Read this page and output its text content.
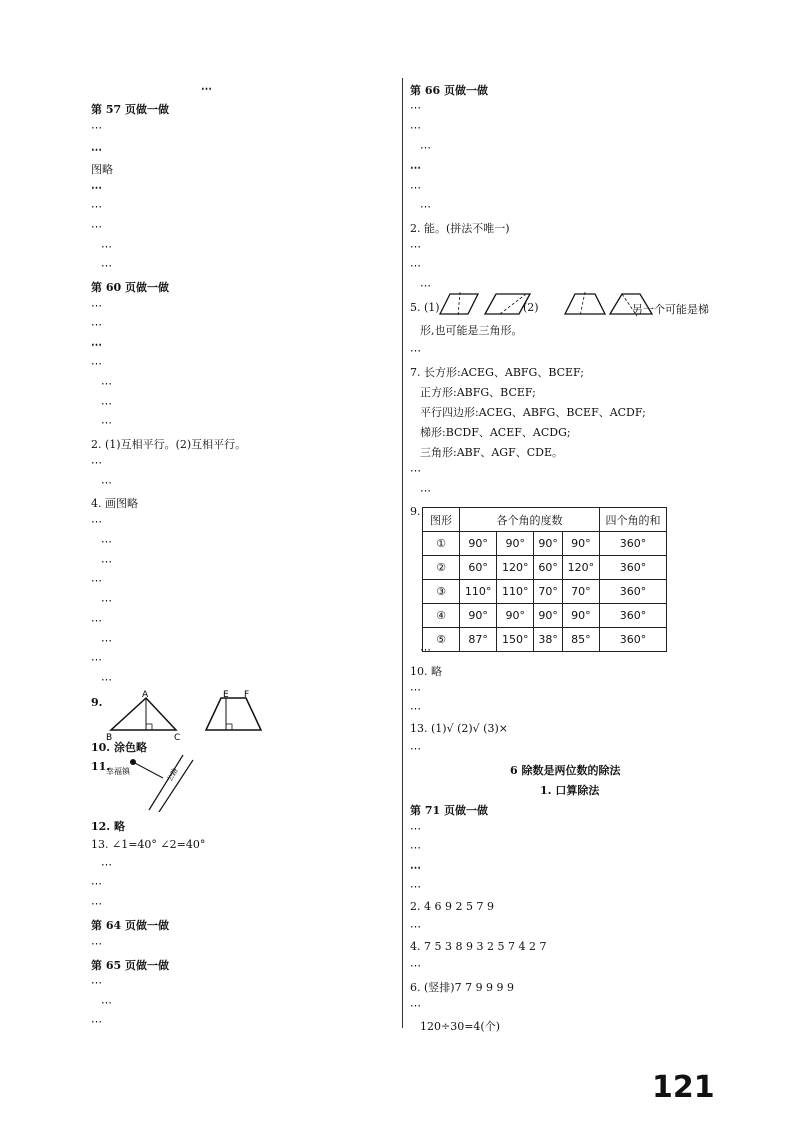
⋯
第 57 页做一做
⋯
⋯
图略
⋯
⋯
⋯
⋯
⋯
第 60 页做一做
⋯
⋯
⋯
⋯
⋯
⋯
⋯
2. (1)互相平行。(2)互相平行。
⋯
⋯
4. 画图略
⋯
⋯
⋯
⋯
⋯
⋯
⋯
⋯
⋯
9.
A
B	C
E F
10. 涂色略
11.
幸福镇	公路
12. 略
13. ∠1=40° ∠2=40°
⋯
⋯
⋯
第 64 页做一做
⋯
第 65 页做一做
⋯
⋯
⋯
第 66 页做一做
⋯
⋯
⋯
⋯
⋯
⋯
2. 能。(拼法不唯一)
⋯
⋯
⋯
5. (1)	(2)	另一个可能是梯
形,也可能是三角形。
⋯
7. 长方形:ACEG、ABFG、BCEF;
正方形:ABFG、BCEF;
平行四边形:ACEG、ABFG、BCEF、ACDF;
梯形:BCDF、ACEF、ACDG;
三角形:ABF、AGF、CDE。
⋯
⋯
9.
图形	各个角的度数				四个角的和
①	90°	90°	90°	90°	360°
②	60°	120°	60°	120°	360°
③	110°	110°	70°	70°	360°
④	90°	90°	90°	90°	360°
⑤	87°	150°	38°	85°	360°
⋯
10. 略
⋯
⋯
13. (1)√ (2)√ (3)×
⋯
6 除数是两位数的除法
1. 口算除法
第 71 页做一做
⋯
⋯
⋯
⋯
2. 4 6 9 2 5 7 9
⋯
4. 7 5 3 8 9 3 2 5 7 4 2 7
⋯
6. (竖排)7 7 9 9 9 9
⋯
120÷30=4(个)
121
